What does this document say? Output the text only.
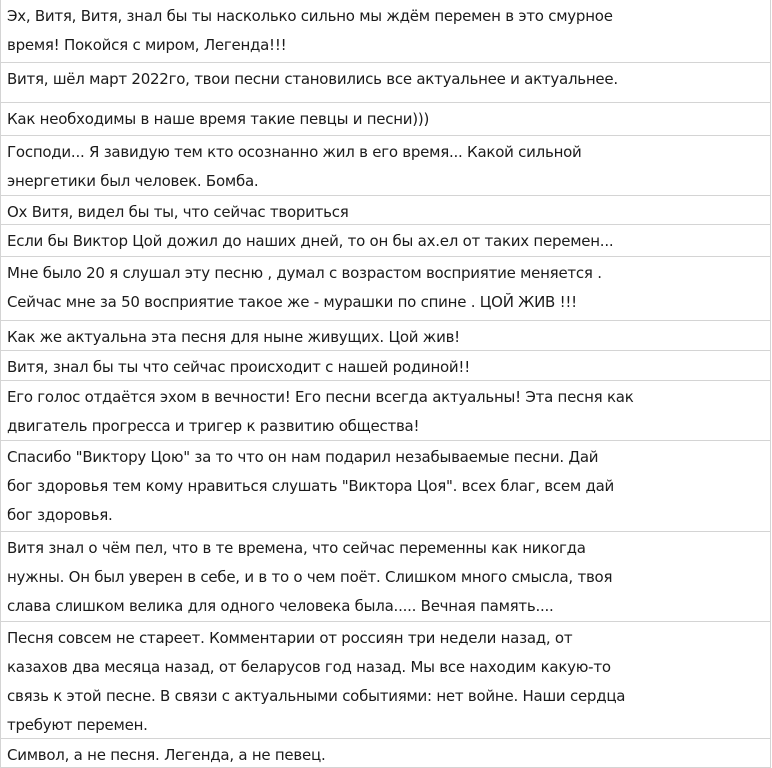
Эх, Витя, Витя, знал бы ты насколько сильно мы ждём перемен в это смурное
время! Покойся с миром, Легенда!!!
Витя, шёл март 2022го, твои песни становились все актуальнее и актуальнее.
Как необходимы в наше время такие певцы и песни)))
Господи... Я завидую тем кто осознанно жил в его время... Какой сильной
энергетики был человек. Бомба.
Ох Витя, видел бы ты, что сейчас твориться
Если бы Виктор Цой дожил до наших дней, то он бы ах.ел от таких перемен...
Мне было 20 я слушал эту песню , думал с возрастом восприятие меняется .
Сейчас мне за 50 восприятие такое же - мурашки по спине . ЦОЙ ЖИВ !!!
Как же актуальна эта песня для ныне живущих. Цой жив!
Витя, знал бы ты что сейчас происходит с нашей родиной!!
Его голос отдаётся эхом в вечности! Его песни всегда актуальны! Эта песня как
двигатель прогресса и тригер к развитию общества!
Спасибо "Виктору Цою" за то что он нам подарил незабываемые песни. Дай
бог здоровья тем кому нравиться слушать "Виктора Цоя". всех благ, всем дай
бог здоровья.
Витя знал о чём пел, что в те времена, что сейчас переменны как никогда
нужны. Он был уверен в себе, и в то о чем поёт. Слишком много смысла, твоя
слава слишком велика для одного человека была..... Вечная память....
Песня совсем не стареет. Комментарии от россиян три недели назад, от
казахов два месяца назад, от беларусов год назад. Мы все находим какую-то
связь к этой песне. В связи с актуальными событиями: нет войне. Наши сердца
требуют перемен.
Символ, а не песня. Легенда, а не певец.
